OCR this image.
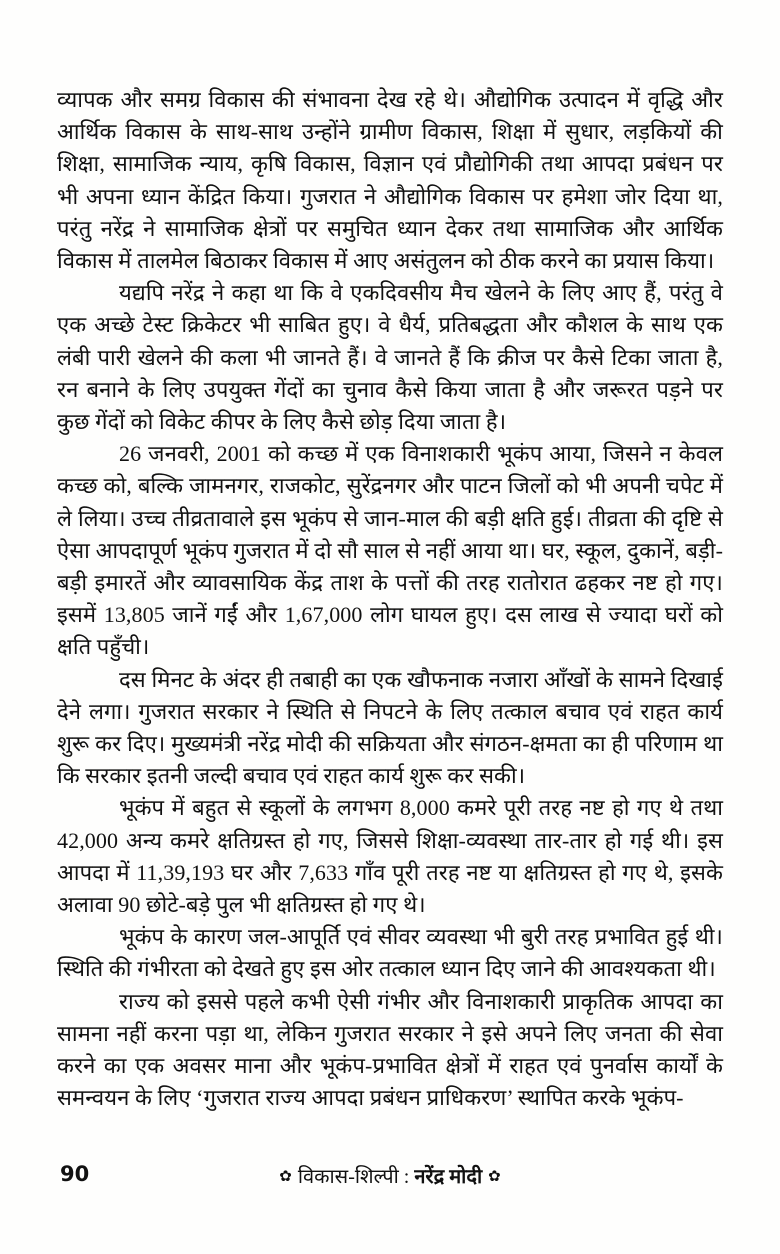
व्यापक और समग्र विकास की संभावना देख रहे थे। औद्योगिक उत्पादन में वृद्धि और आर्थिक विकास के साथ-साथ उन्होंने ग्रामीण विकास, शिक्षा में सुधार, लड़कियों की शिक्षा, सामाजिक न्याय, कृषि विकास, विज्ञान एवं प्रौद्योगिकी तथा आपदा प्रबंधन पर भी अपना ध्यान केंद्रित किया। गुजरात ने औद्योगिक विकास पर हमेशा जोर दिया था, परंतु नरेंद्र ने सामाजिक क्षेत्रों पर समुचित ध्यान देकर तथा सामाजिक और आर्थिक विकास में तालमेल बिठाकर विकास में आए असंतुलन को ठीक करने का प्रयास किया।

यद्यपि नरेंद्र ने कहा था कि वे एकदिवसीय मैच खेलने के लिए आए हैं, परंतु वे एक अच्छे टेस्ट क्रिकेटर भी साबित हुए। वे धैर्य, प्रतिबद्धता और कौशल के साथ एक लंबी पारी खेलने की कला भी जानते हैं। वे जानते हैं कि क्रीज पर कैसे टिका जाता है, रन बनाने के लिए उपयुक्त गेंदों का चुनाव कैसे किया जाता है और जरूरत पड़ने पर कुछ गेंदों को विकेट कीपर के लिए कैसे छोड़ दिया जाता है।

26 जनवरी, 2001 को कच्छ में एक विनाशकारी भूकंप आया, जिसने न केवल कच्छ को, बल्कि जामनगर, राजकोट, सुरेंद्रनगर और पाटन जिलों को भी अपनी चपेट में ले लिया। उच्च तीव्रतावाले इस भूकंप से जान-माल की बड़ी क्षति हुई। तीव्रता की दृष्टि से ऐसा आपदापूर्ण भूकंप गुजरात में दो सौ साल से नहीं आया था। घर, स्कूल, दुकानें, बड़ी-बड़ी इमारतें और व्यावसायिक केंद्र ताश के पत्तों की तरह रातोरात ढहकर नष्ट हो गए। इसमें 13,805 जानें गईं और 1,67,000 लोग घायल हुए। दस लाख से ज्यादा घरों को क्षति पहुँची।

दस मिनट के अंदर ही तबाही का एक खौफनाक नजारा आँखों के सामने दिखाई देने लगा। गुजरात सरकार ने स्थिति से निपटने के लिए तत्काल बचाव एवं राहत कार्य शुरू कर दिए। मुख्यमंत्री नरेंद्र मोदी की सक्रियता और संगठन-क्षमता का ही परिणाम था कि सरकार इतनी जल्दी बचाव एवं राहत कार्य शुरू कर सकी।

भूकंप में बहुत से स्कूलों के लगभग 8,000 कमरे पूरी तरह नष्ट हो गए थे तथा 42,000 अन्य कमरे क्षतिग्रस्त हो गए, जिससे शिक्षा-व्यवस्था तार-तार हो गई थी। इस आपदा में 11,39,193 घर और 7,633 गाँव पूरी तरह नष्ट या क्षतिग्रस्त हो गए थे, इसके अलावा 90 छोटे-बड़े पुल भी क्षतिग्रस्त हो गए थे।

भूकंप के कारण जल-आपूर्ति एवं सीवर व्यवस्था भी बुरी तरह प्रभावित हुई थी। स्थिति की गंभीरता को देखते हुए इस ओर तत्काल ध्यान दिए जाने की आवश्यकता थी।

राज्य को इससे पहले कभी ऐसी गंभीर और विनाशकारी प्राकृतिक आपदा का सामना नहीं करना पड़ा था, लेकिन गुजरात सरकार ने इसे अपने लिए जनता की सेवा करने का एक अवसर माना और भूकंप-प्रभावित क्षेत्रों में राहत एवं पुनर्वास कार्यों के समन्वयन के लिए ‘गुजरात राज्य आपदा प्रबंधन प्राधिकरण’ स्थापित करके भूकंप-

90	✿ विकास-शिल्पी : नरेंद्र मोदी ✿
